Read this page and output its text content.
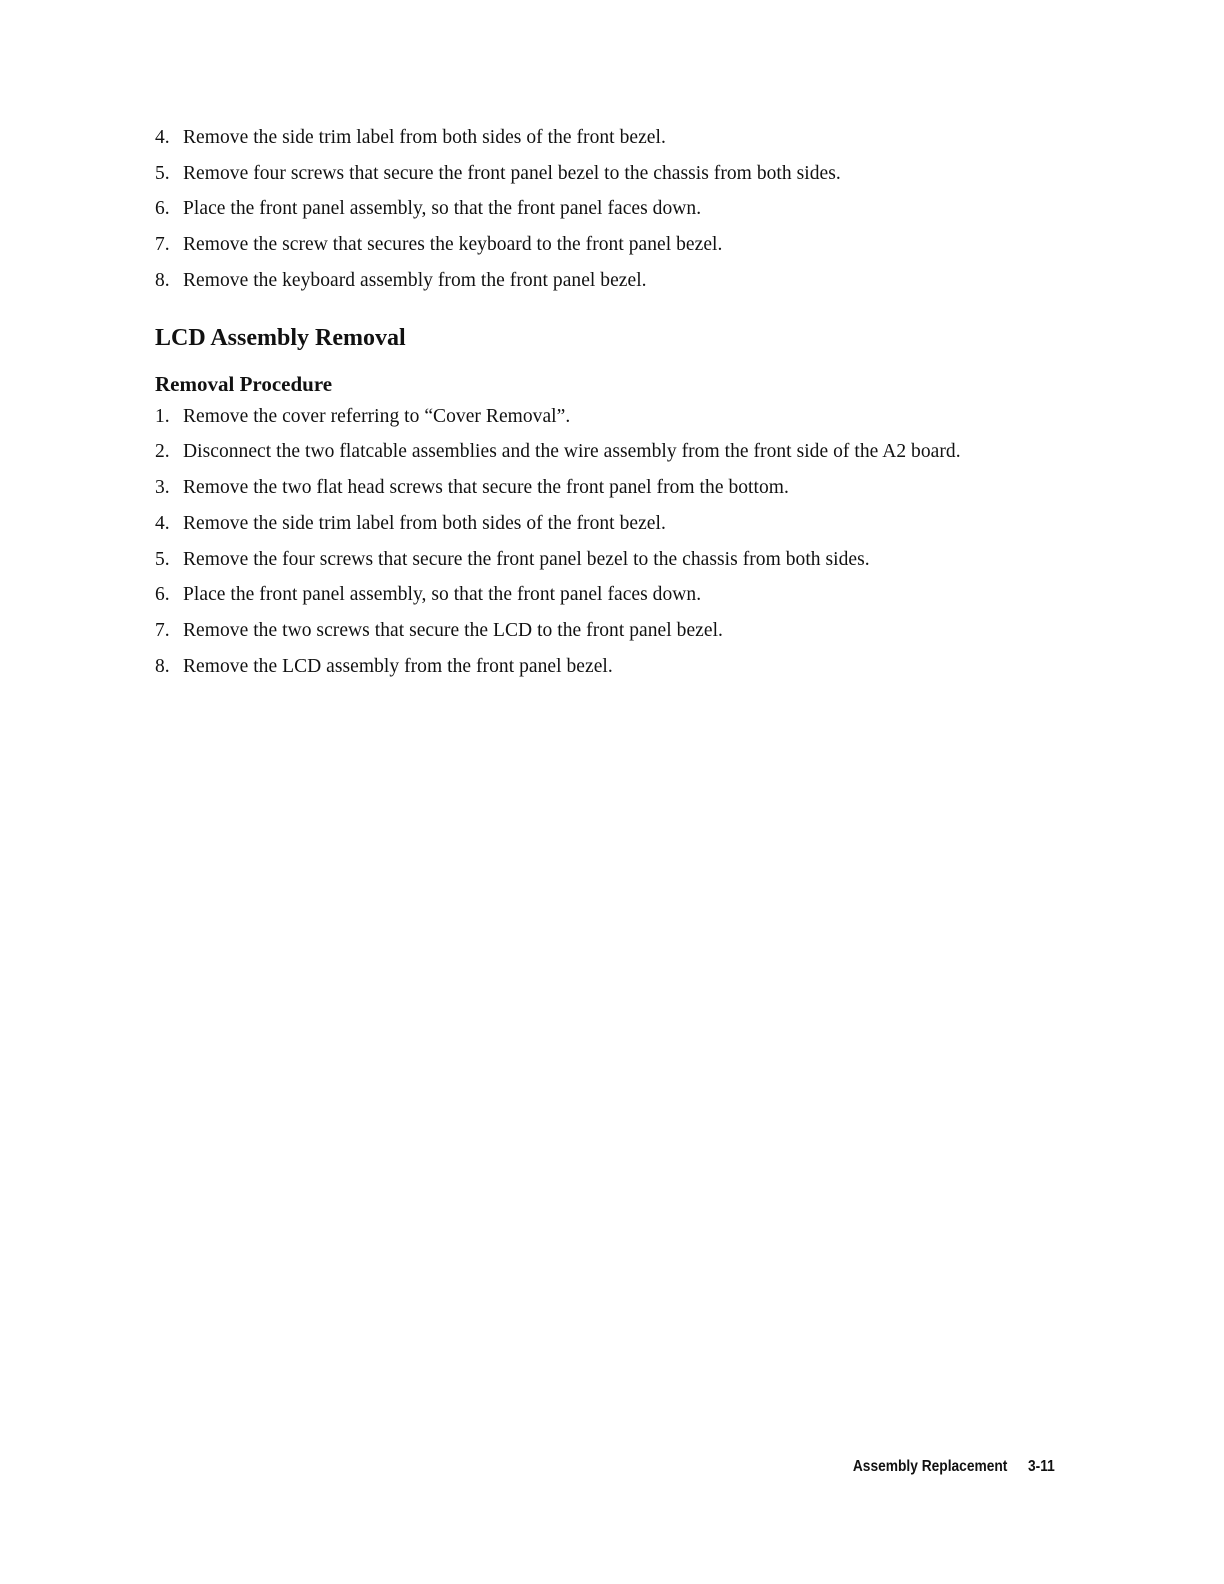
4. Remove the side trim label from both sides of the front bezel.
5. Remove four screws that secure the front panel bezel to the chassis from both sides.
6. Place the front panel assembly, so that the front panel faces down.
7. Remove the screw that secures the keyboard to the front panel bezel.
8. Remove the keyboard assembly from the front panel bezel.
LCD Assembly Removal
Removal Procedure
1. Remove the cover referring to “Cover Removal”.
2. Disconnect the two flatcable assemblies and the wire assembly from the front side of the A2 board.
3. Remove the two flat head screws that secure the front panel from the bottom.
4. Remove the side trim label from both sides of the front bezel.
5. Remove the four screws that secure the front panel bezel to the chassis from both sides.
6. Place the front panel assembly, so that the front panel faces down.
7. Remove the two screws that secure the LCD to the front panel bezel.
8. Remove the LCD assembly from the front panel bezel.
Assembly Replacement 3-11
